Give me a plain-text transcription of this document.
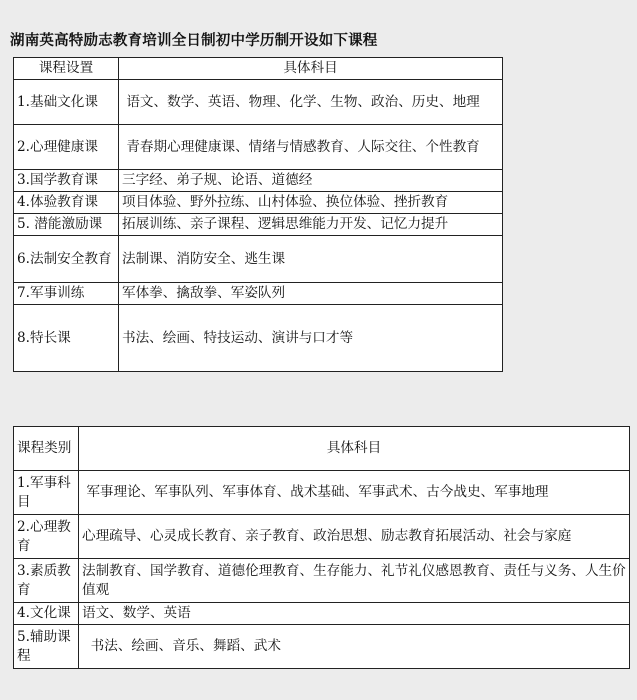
湖南英高特励志教育培训全日制初中学历制开设如下课程
课程设置	具体科目
1.基础文化课	语文、数学、英语、物理、化学、生物、政治、历史、地理
2.心理健康课	青春期心理健康课、情绪与情感教育、人际交往、个性教育
3.国学教育课	三字经、弟子规、论语、道德经
4.体验教育课	项目体验、野外拉练、山村体验、换位体验、挫折教育
5. 潜能激励课	拓展训练、亲子课程、逻辑思维能力开发、记忆力提升
6.法制安全教育	法制课、消防安全、逃生课
7.军事训练	军体拳、擒敌拳、军姿队列
8.特长课	书法、绘画、特技运动、演讲与口才等
课程类别	具体科目
1.军事科目	军事理论、军事队列、军事体育、战术基础、军事武术、古今战史、军事地理
2.心理教育	心理疏导、心灵成长教育、亲子教育、政治思想、励志教育拓展活动、社会与家庭
3.素质教育	法制教育、国学教育、道德伦理教育、生存能力、礼节礼仪感恩教育、责任与义务、人生价值观
4.文化课	语文、数学、英语
5.辅助课程	书法、绘画、音乐、舞蹈、武术
